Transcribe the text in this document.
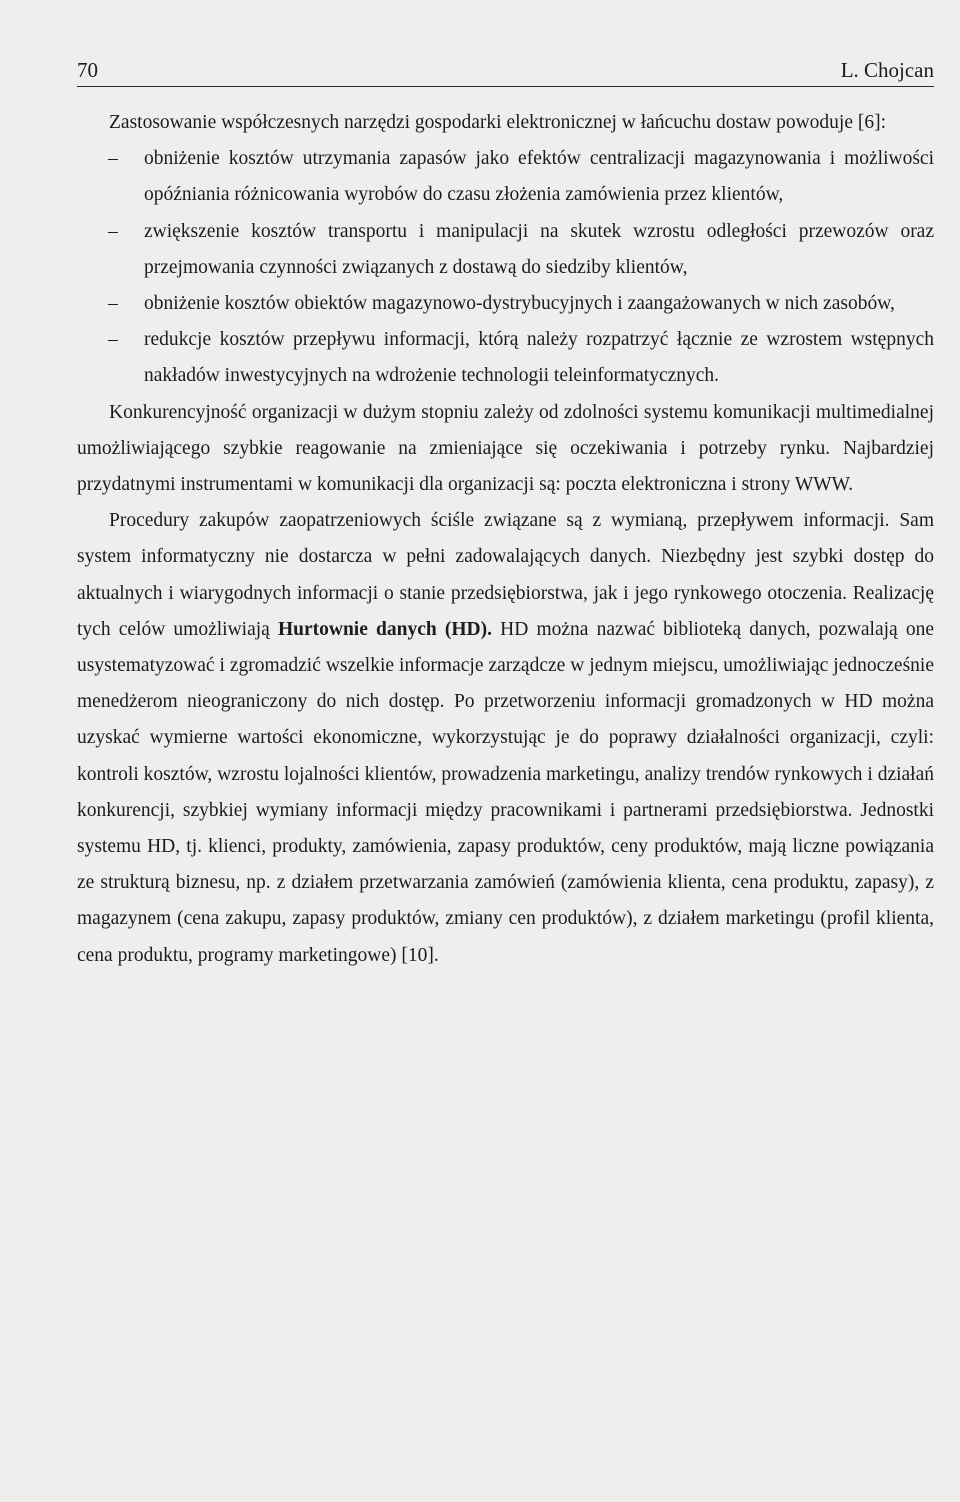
70	L. Chojcan

Zastosowanie współczesnych narzędzi gospodarki elektronicznej w łańcuchu dostaw powoduje [6]:

– obniżenie kosztów utrzymania zapasów jako efektów centralizacji magazynowania i możliwości opóźniania różnicowania wyrobów do czasu złożenia zamówienia przez klientów,
– zwiększenie kosztów transportu i manipulacji na skutek wzrostu odległości przewozów oraz przejmowania czynności związanych z dostawą do siedziby klientów,
– obniżenie kosztów obiektów magazynowo-dystrybucyjnych i zaangażowanych w nich zasobów,
– redukcje kosztów przepływu informacji, którą należy rozpatrzyć łącznie ze wzrostem wstępnych nakładów inwestycyjnych na wdrożenie technologii teleinformatycznych.

Konkurencyjność organizacji w dużym stopniu zależy od zdolności systemu komunikacji multimedialnej umożliwiającego szybkie reagowanie na zmieniające się oczekiwania i potrzeby rynku. Najbardziej przydatnymi instrumentami w komunikacji dla organizacji są: poczta elektroniczna i strony WWW.

Procedury zakupów zaopatrzeniowych ściśle związane są z wymianą, przepływem informacji. Sam system informatyczny nie dostarcza w pełni zadowalających danych. Niezbędny jest szybki dostęp do aktualnych i wiarygodnych informacji o stanie przedsiębiorstwa, jak i jego rynkowego otoczenia. Realizację tych celów umożliwiają Hurtownie danych (HD). HD można nazwać biblioteką danych, pozwalają one usystematyzować i zgromadzić wszelkie informacje zarządcze w jednym miejscu, umożliwiając jednocześnie menedżerom nieograniczony do nich dostęp. Po przetworzeniu informacji gromadzonych w HD można uzyskać wymierne wartości ekonomiczne, wykorzystując je do poprawy działalności organizacji, czyli: kontroli kosztów, wzrostu lojalności klientów, prowadzenia marketingu, analizy trendów rynkowych i działań konkurencji, szybkiej wymiany informacji między pracownikami i partnerami przedsiębiorstwa. Jednostki systemu HD, tj. klienci, produkty, zamówienia, zapasy produktów, ceny produktów, mają liczne powiązania ze strukturą biznesu, np. z działem przetwarzania zamówień (zamówienia klienta, cena produktu, zapasy), z magazynem (cena zakupu, zapasy produktów, zmiany cen produktów), z działem marketingu (profil klienta, cena produktu, programy marketingowe) [10].
